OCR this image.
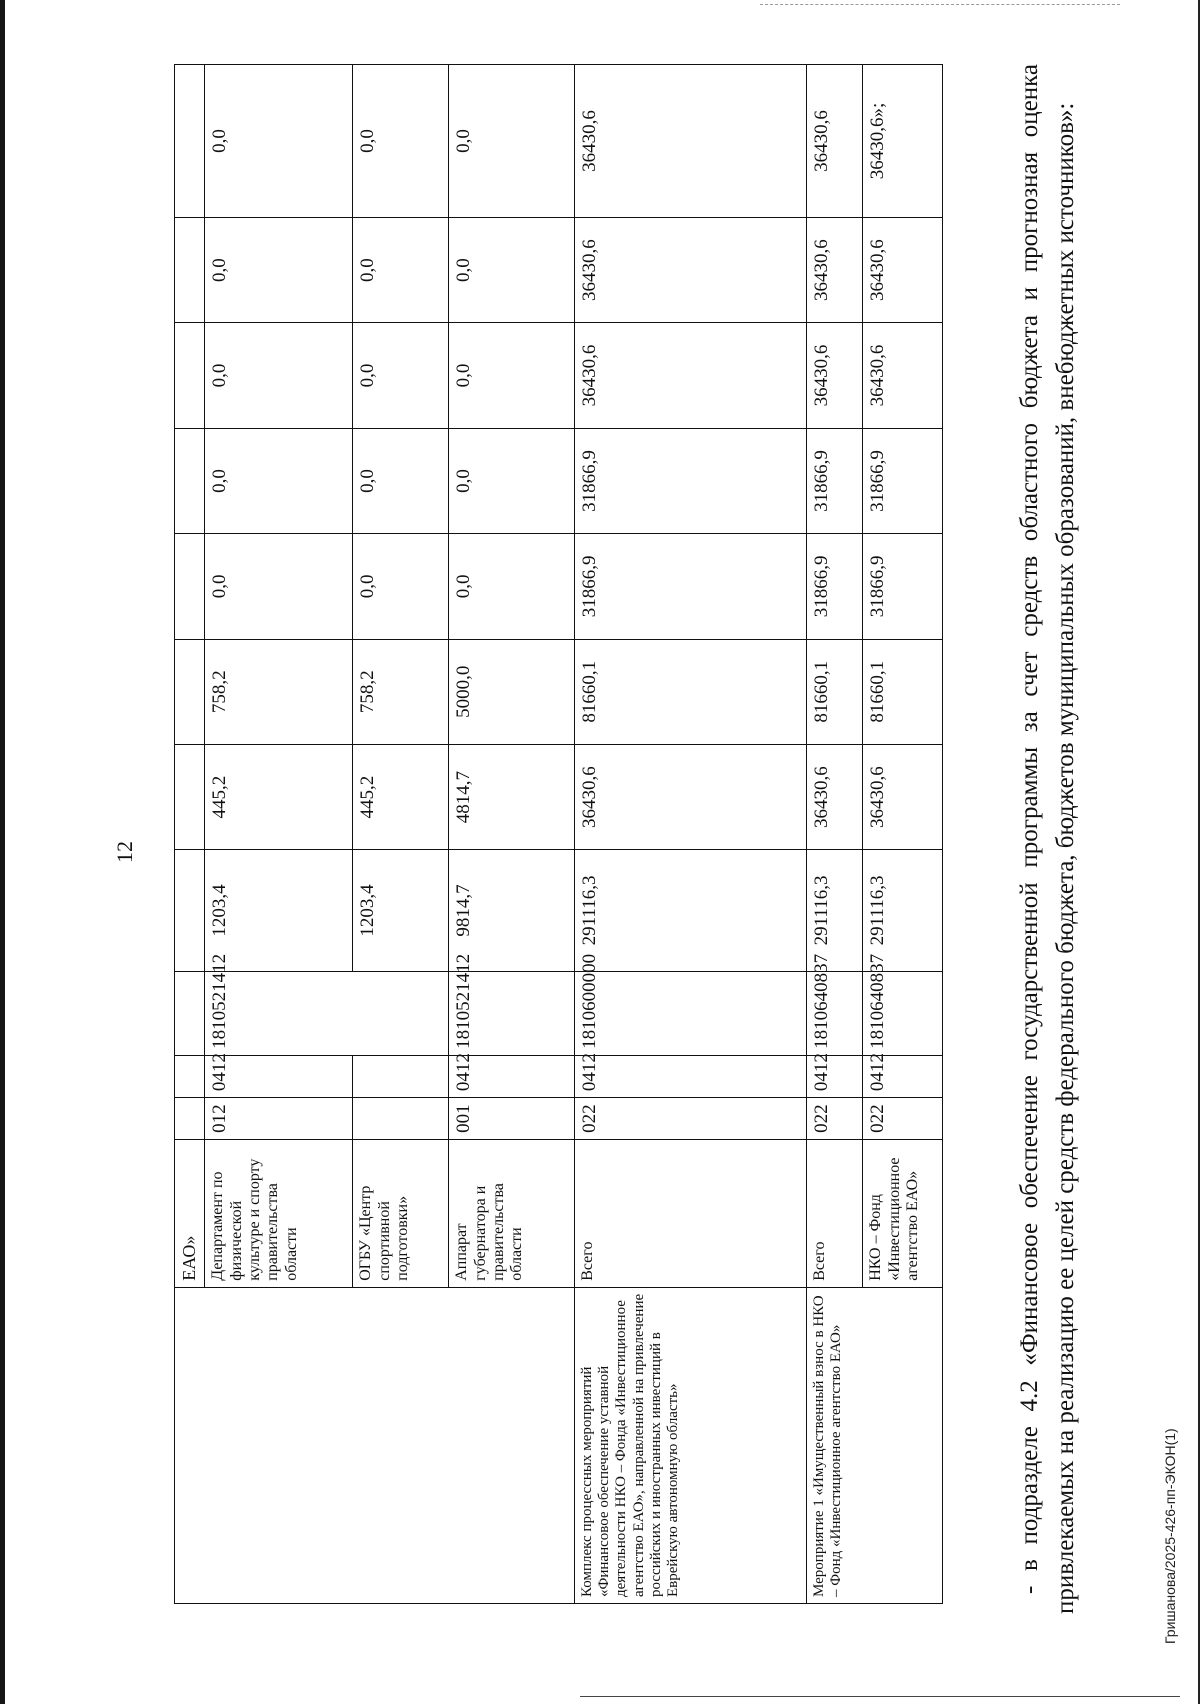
12
	ЕАО»											
	Департамент по физической культуре и спорту правительства области	012	0412	1810521412	1203,4	445,2	758,2	0,0	0,0	0,0	0,0	0,0
	ОГБУ «Центр спортивной подготовки»				1203,4	445,2	758,2	0,0	0,0	0,0	0,0	0,0
	Аппарат губернатора и правительства области	001	0412	1810521412	9814,7	4814,7	5000,0	0,0	0,0	0,0	0,0	0,0
Комплекс процессных мероприятий «Финансовое обеспечение уставной деятельности НКО – Фонда «Инвестиционное агентство ЕАО», направленной на привлечение российских и иностранных инвестиций в Еврейскую автономную область»	Всего	022	0412	1810600000	291116,3	36430,6	81660,1	31866,9	31866,9	36430,6	36430,6	36430,6
Мероприятие 1 «Имущественный взнос в НКО – Фонд «Инвестиционное агентство ЕАО»	Всего	022	0412	1810640837	291116,3	36430,6	81660,1	31866,9	31866,9	36430,6	36430,6	36430,6
	НКО – Фонд «Инвестиционное агентство ЕАО»	022	0412	1810640837	291116,3	36430,6	81660,1	31866,9	31866,9	36430,6	36430,6	36430,6»;	- в подразделе 4.2 «Финансовое обеспечение государственной программы за счет средств областного бюджета и прогнозная оценка привлекаемых на реализацию ее целей средств федерального бюджета, бюджетов муниципальных образований, внебюджетных источников»:	Гришанова/2025-426-пп-ЭКОН(1)
